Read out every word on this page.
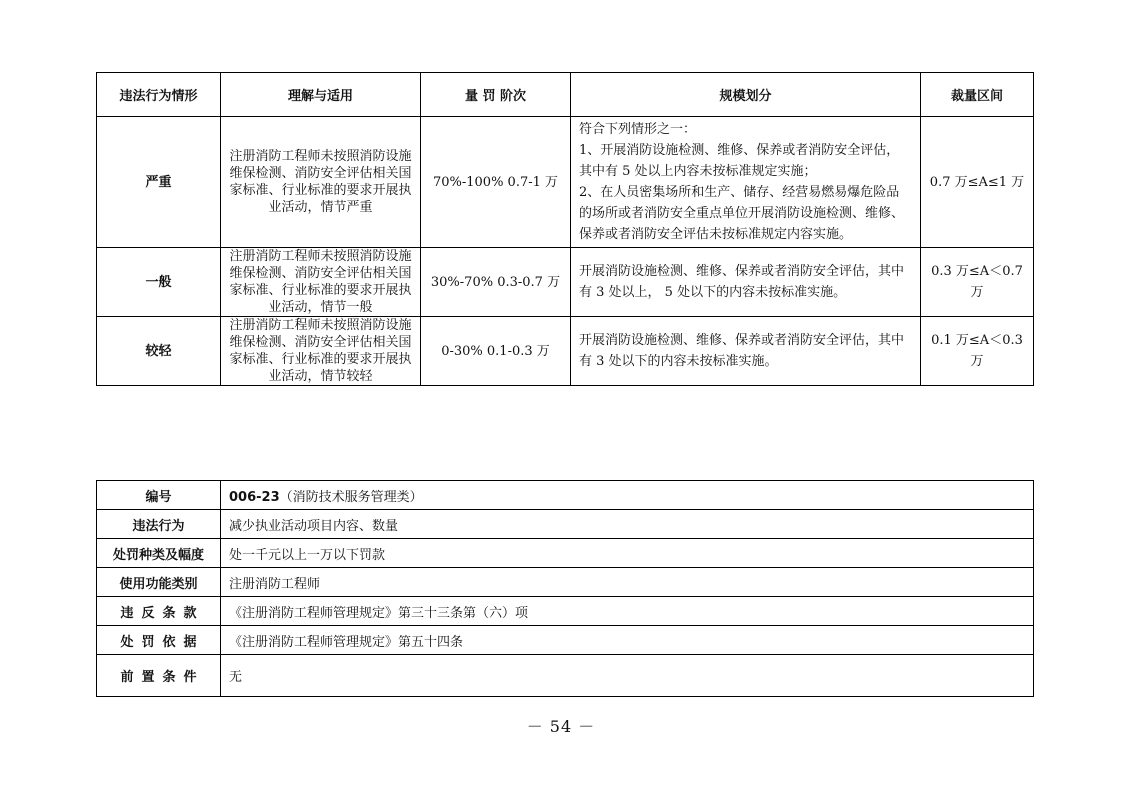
违法行为情形	理解与适用	量 罚 阶次	规模划分	裁量区间
严重	注册消防工程师未按照消防设施维保检测、消防安全评估相关国家标准、行业标准的要求开展执业活动，情节严重	70%-100% 0.7-1 万	符合下列情形之一：
1、开展消防设施检测、维修、保养或者消防安全评估，其中有 5 处以上内容未按标准规定实施；
2、在人员密集场所和生产、储存、经营易燃易爆危险品的场所或者消防安全重点单位开展消防设施检测、维修、保养或者消防安全评估未按标准规定内容实施。	0.7 万≤A≤1 万
一般	注册消防工程师未按照消防设施维保检测、消防安全评估相关国家标准、行业标准的要求开展执业活动，情节一般	30%-70% 0.3-0.7 万	开展消防设施检测、维修、保养或者消防安全评估，其中有 3 处以上， 5 处以下的内容未按标准实施。	0.3 万≤A＜0.7 万
较轻	注册消防工程师未按照消防设施维保检测、消防安全评估相关国家标准、行业标准的要求开展执业活动，情节较轻	0-30% 0.1-0.3 万	开展消防设施检测、维修、保养或者消防安全评估，其中有 3 处以下的内容未按标准实施。	0.1 万≤A＜0.3 万
编号	006-23（消防技术服务管理类）
违法行为	减少执业活动项目内容、数量
处罚种类及幅度	处一千元以上一万以下罚款
使用功能类别	注册消防工程师
违反条款	《注册消防工程师管理规定》第三十三条第（六）项
处罚依据	《注册消防工程师管理规定》第五十四条
前置条件	无
－ 54 －
